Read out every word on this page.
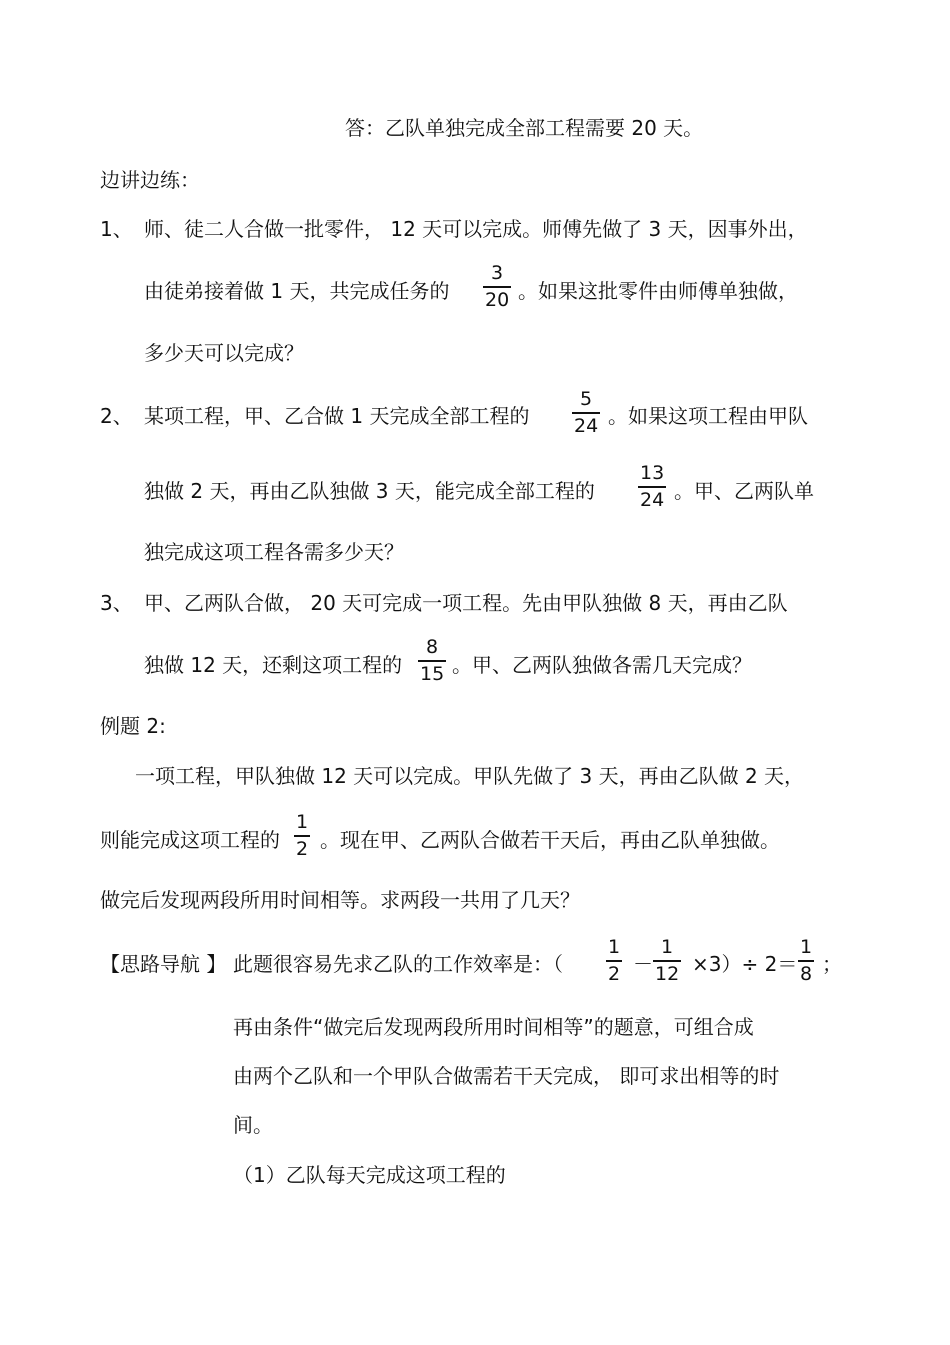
答：乙队单独完成全部工程需要 20 天。
边讲边练：
1、 师、徒二人合做一批零件， 12 天可以完成。师傅先做了 3 天，因事外出，
由徒弟接着做 1 天，共完成任务的
3
20 。如果这批零件由师傅单独做，
多少天可以完成？
2、 某项工程，甲、乙合做 1 天完成全部工程的
5
24 。如果这项工程由甲队
独做 2 天，再由乙队独做 3 天，能完成全部工程的
13
24 。甲、乙两队单
独完成这项工程各需多少天？
3、 甲、乙两队合做， 20 天可完成一项工程。先由甲队独做 8 天，再由乙队
独做 12 天，还剩这项工程的
8
15 。甲、乙两队独做各需几天完成？
例题 2:
一项工程，甲队独做 12 天可以完成。甲队先做了 3 天，再由乙队做 2 天，
则能完成这项工程的
1
2 。现在甲、乙两队合做若干天后，再由乙队单独做。
做完后发现两段所用时间相等。求两段一共用了几天？
【思路导航 】 此题很容易先求乙队的工作效率是：（
1
2 －
1
12 ×3）÷ 2＝
1
8 ；
再由条件“做完后发现两段所用时间相等”的题意，可组合成
由两个乙队和一个甲队合做需若干天完成， 即可求出相等的时
间。
（1）乙队每天完成这项工程的
